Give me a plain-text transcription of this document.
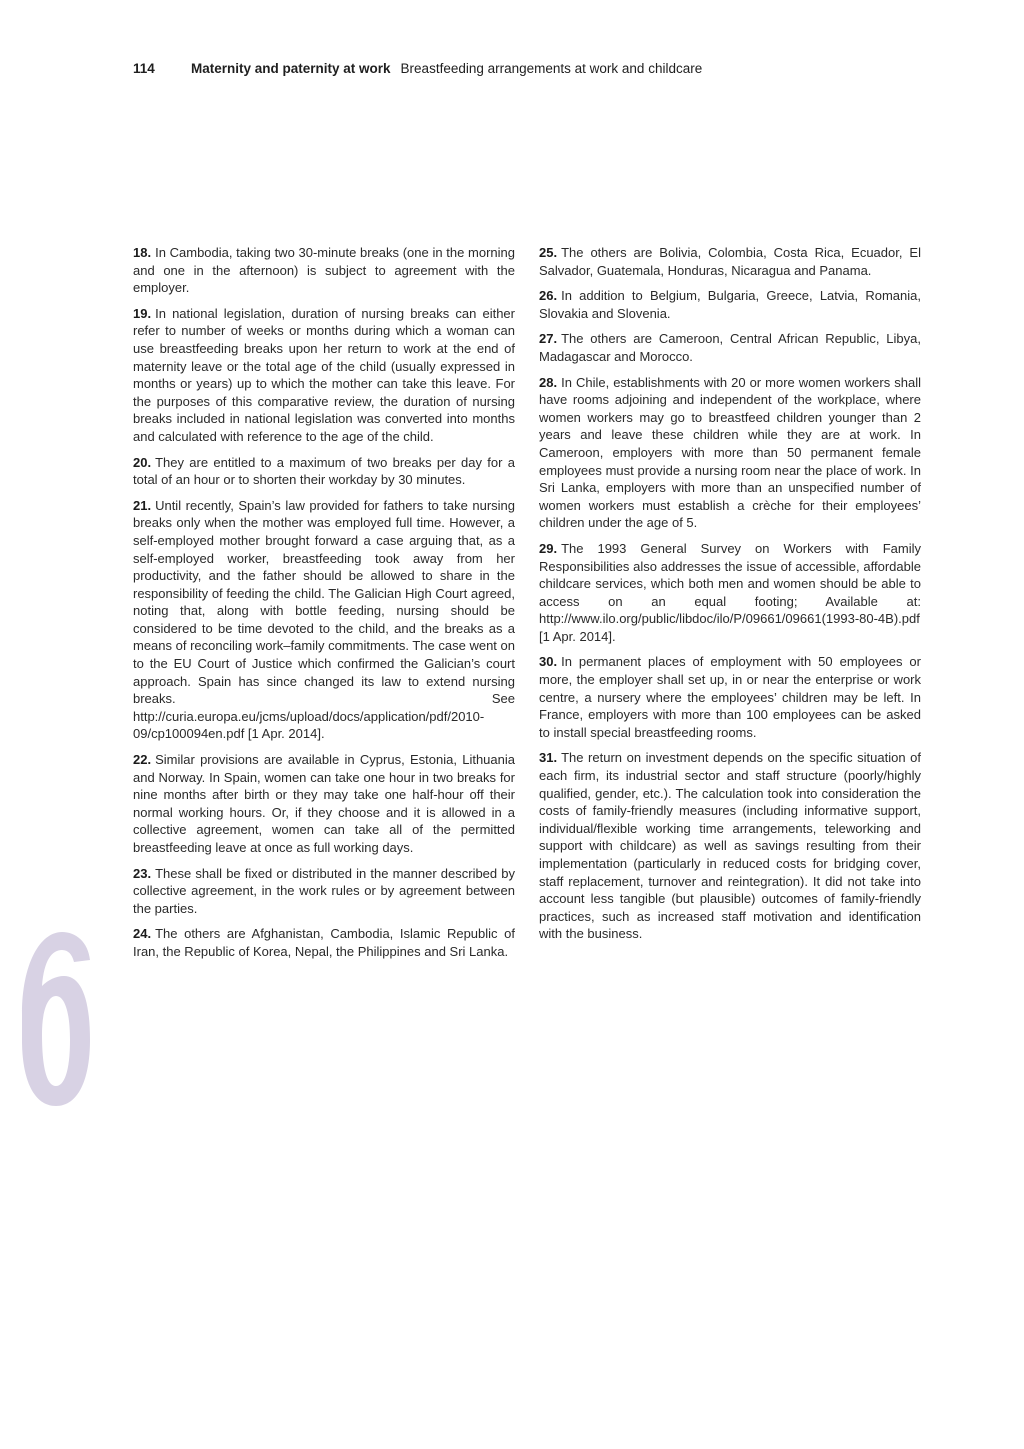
114	Maternity and paternity at work Breastfeeding arrangements at work and childcare

18. In Cambodia, taking two 30-minute breaks (one in the morning and one in the afternoon) is subject to agreement with the employer.

19. In national legislation, duration of nursing breaks can either refer to number of weeks or months during which a woman can use breastfeeding breaks upon her return to work at the end of maternity leave or the total age of the child (usually expressed in months or years) up to which the mother can take this leave. For the purposes of this comparative review, the duration of nursing breaks included in national legislation was converted into months and calculated with reference to the age of the child.

20. They are entitled to a maximum of two breaks per day for a total of an hour or to shorten their workday by 30 minutes.

21. Until recently, Spain’s law provided for fathers to take nursing breaks only when the mother was employed full time. However, a self-employed mother brought forward a case arguing that, as a self-employed worker, breastfeeding took away from her productivity, and the father should be allowed to share in the responsibility of feeding the child. The Galician High Court agreed, noting that, along with bottle feeding, nursing should be considered to be time devoted to the child, and the breaks as a means of reconciling work–family commitments. The case went on to the EU Court of Justice which confirmed the Galician’s court approach. Spain has since changed its law to extend nursing breaks. See http://curia.europa.eu/jcms/upload/docs/application/pdf/2010-09/cp100094en.pdf [1 Apr. 2014].

22. Similar provisions are available in Cyprus, Estonia, Lithuania and Norway. In Spain, women can take one hour in two breaks for nine months after birth or they may take one half-hour off their normal working hours. Or, if they choose and it is allowed in a collective agreement, women can take all of the permitted breastfeeding leave at once as full working days.

23. These shall be fixed or distributed in the manner described by collective agreement, in the work rules or by agreement between the parties.

24. The others are Afghanistan, Cambodia, Islamic Republic of Iran, the Republic of Korea, Nepal, the Philippines and Sri Lanka.

25. The others are Bolivia, Colombia, Costa Rica, Ecuador, El Salvador, Guatemala, Honduras, Nicaragua and Panama.

26. In addition to Belgium, Bulgaria, Greece, Latvia, Romania, Slovakia and Slovenia.

27. The others are Cameroon, Central African Republic, Libya, Madagascar and Morocco.

28. In Chile, establishments with 20 or more women workers shall have rooms adjoining and independent of the workplace, where women workers may go to breastfeed children younger than 2 years and leave these children while they are at work. In Cameroon, employers with more than 50 permanent female employees must provide a nursing room near the place of work. In Sri Lanka, employers with more than an unspecified number of women workers must establish a crèche for their employees’ children under the age of 5.

29. The 1993 General Survey on Workers with Family Responsibilities also addresses the issue of accessible, affordable childcare services, which both men and women should be able to access on an equal footing; Available at: http://www.ilo.org/public/libdoc/ilo/P/09661/09661(1993-80-4B).pdf [1 Apr. 2014].

30. In permanent places of employment with 50 employees or more, the employer shall set up, in or near the enterprise or work centre, a nursery where the employees’ children may be left. In France, employers with more than 100 employees can be asked to install special breastfeeding rooms.

31. The return on investment depends on the specific situation of each firm, its industrial sector and staff structure (poorly/highly qualified, gender, etc.). The calculation took into consideration the costs of family-friendly measures (including informative support, individual/flexible working time arrangements, teleworking and support with childcare) as well as savings resulting from their implementation (particularly in reduced costs for bridging cover, staff replacement, turnover and reintegration). It did not take into account less tangible (but plausible) outcomes of family-friendly practices, such as increased staff motivation and identification with the business.
